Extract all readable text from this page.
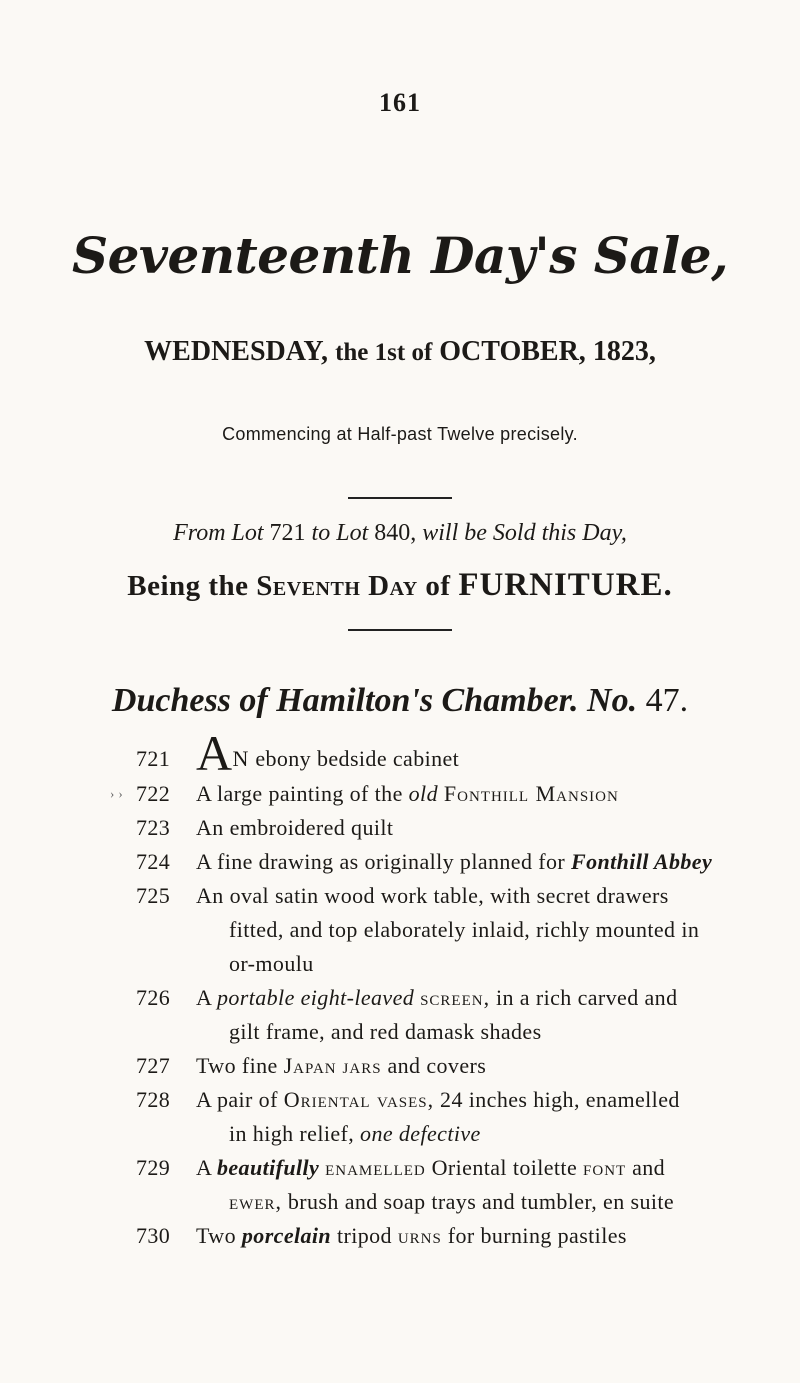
161
Seventeenth Day's Sale,
WEDNESDAY, the 1st of OCTOBER, 1823,
Commencing at Half-past Twelve precisely.
From Lot 721 to Lot 840, will be Sold this Day,
Being the Seventh Day of FURNITURE.
Duchess of Hamilton's Chamber. No. 47.
721 AN ebony bedside cabinet
› › 722	A large painting of the old Fonthill Mansion
723	An embroidered quilt
724	A fine drawing as originally planned for Fonthill Abbey
725	An oval satin wood work table, with secret drawers
fitted, and top elaborately inlaid, richly mounted in
or-moulu
726	A portable eight-leaved screen, in a rich carved and
gilt frame, and red damask shades
727	Two fine Japan jars and covers
728	A pair of Oriental vases, 24 inches high, enamelled
in high relief, one defective
729	A beautifully enamelled Oriental toilette font and
ewer, brush and soap trays and tumbler, en suite
730	Two porcelain tripod urns for burning pastiles
